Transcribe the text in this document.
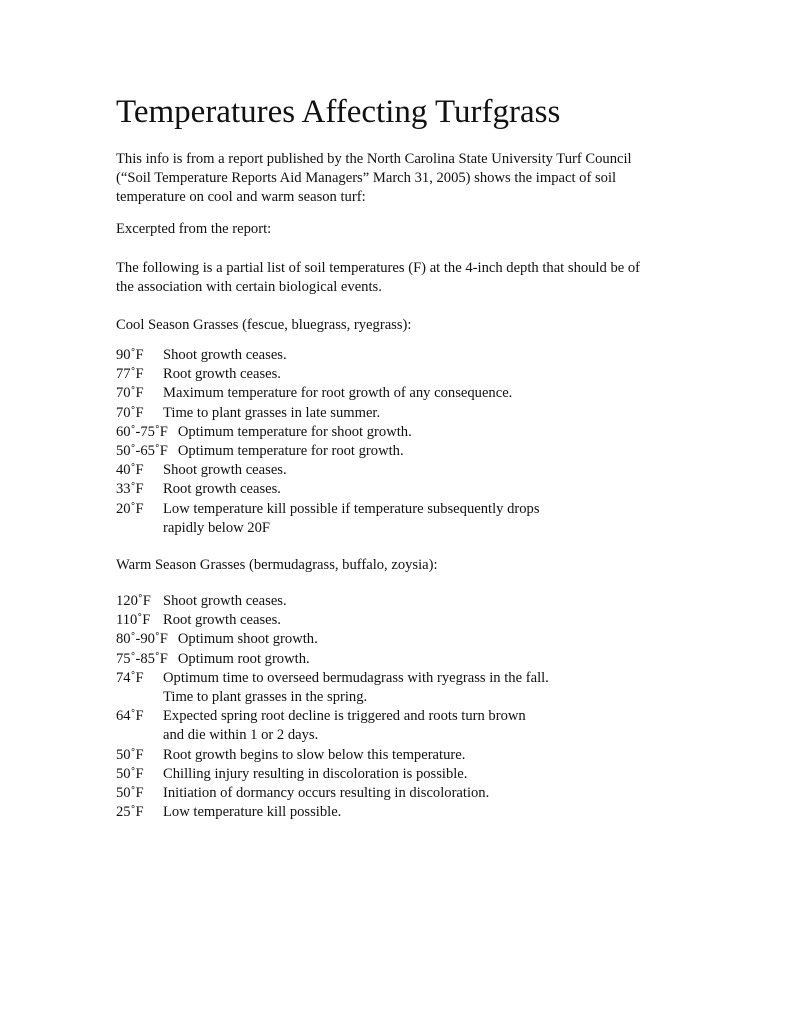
Temperatures Affecting Turfgrass

This info is from a report published by the North Carolina State University Turf Council
(“Soil Temperature Reports Aid Managers” March 31, 2005) shows the impact of soil
temperature on cool and warm season turf:

Excerpted from the report:

The following is a partial list of soil temperatures (F) at the 4-inch depth that should be of
the association with certain biological events.

Cool Season Grasses (fescue, bluegrass, ryegrass):

90˚F Shoot growth ceases.
77˚F Root growth ceases.
70˚F Maximum temperature for root growth of any consequence.
70˚F Time to plant grasses in late summer.
60˚-75˚F Optimum temperature for shoot growth.
50˚-65˚F Optimum temperature for root growth.
40˚F Shoot growth ceases.
33˚F Root growth ceases.
20˚F Low temperature kill possible if temperature subsequently drops
rapidly below 20F

Warm Season Grasses (bermudagrass, buffalo, zoysia):

120˚F Shoot growth ceases.
110˚F Root growth ceases.
80˚-90˚F Optimum shoot growth.
75˚-85˚F Optimum root growth.
74˚F Optimum time to overseed bermudagrass with ryegrass in the fall.
Time to plant grasses in the spring.
64˚F Expected spring root decline is triggered and roots turn brown
and die within 1 or 2 days.
50˚F Root growth begins to slow below this temperature.
50˚F Chilling injury resulting in discoloration is possible.
50˚F Initiation of dormancy occurs resulting in discoloration.
25˚F Low temperature kill possible.
